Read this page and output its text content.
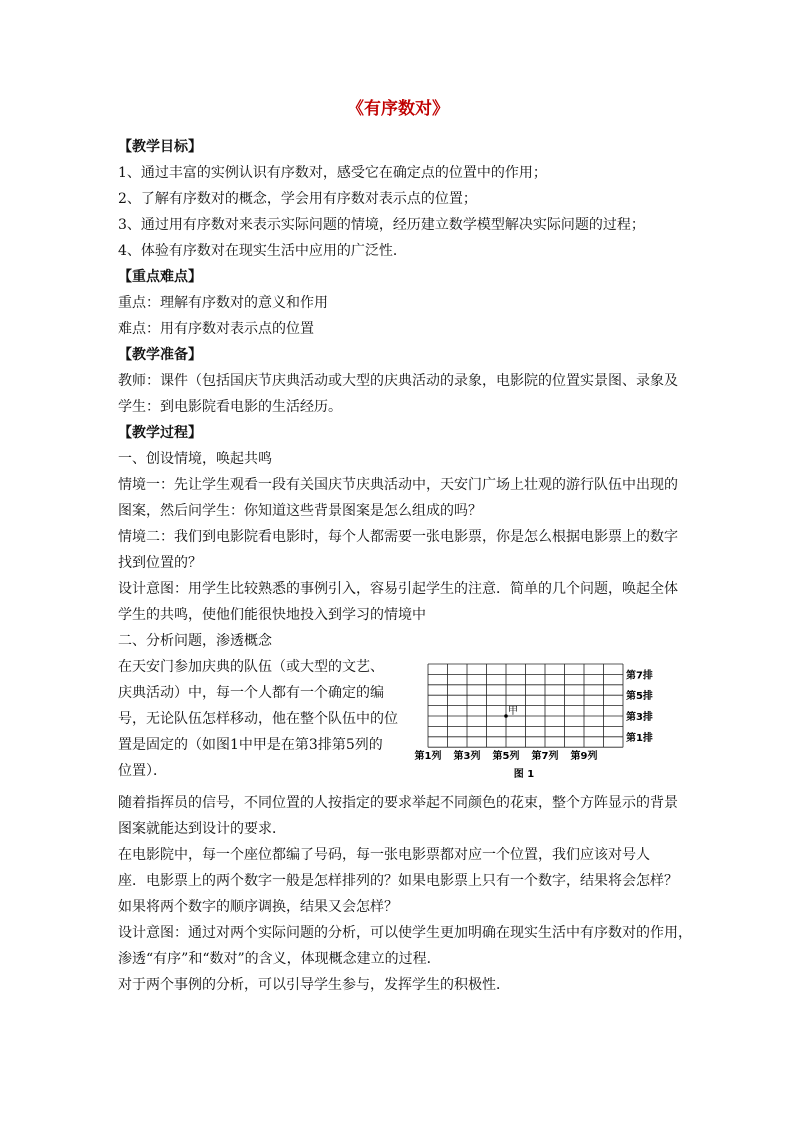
《有序数对》
【教学目标】
1、通过丰富的实例认识有序数对，感受它在确定点的位置中的作用；
2、了解有序数对的概念，学会用有序数对表示点的位置；
3、通过用有序数对来表示实际问题的情境，经历建立数学模型解决实际问题的过程；
4、体验有序数对在现实生活中应用的广泛性．
【重点难点】
重点：理解有序数对的意义和作用
难点：用有序数对表示点的位置
【教学准备】
教师：课件（包括国庆节庆典活动或大型的庆典活动的录象，电影院的位置实景图、录象及
学生：到电影院看电影的生活经历。
【教学过程】
一、创设情境，唤起共鸣
情境一：先让学生观看一段有关国庆节庆典活动中，天安门广场上壮观的游行队伍中出现的
图案，然后问学生：你知道这些背景图案是怎么组成的吗？
情境二：我们到电影院看电影时，每个人都需要一张电影票，你是怎么根据电影票上的数字
找到位置的？
设计意图：用学生比较熟悉的事例引入，容易引起学生的注意．简单的几个问题，唤起全体
学生的共鸣，使他们能很快地投入到学习的情境中
二、分析问题，渗透概念
在天安门参加庆典的队伍（或大型的文艺、
庆典活动）中，每一个人都有一个确定的编
号，无论队伍怎样移动，他在整个队伍中的位
置是固定的（如图1中甲是在第3排第5列的
位置）．
第7排
第5排
第3排
第1排
第1列 第3列 第5列 第7列 第9列
甲
图 1
随着指挥员的信号，不同位置的人按指定的要求举起不同颜色的花束，整个方阵显示的背景
图案就能达到设计的要求．
在电影院中，每一个座位都编了号码，每一张电影票都对应一个位置，我们应该对号人
座．电影票上的两个数字一般是怎样排列的？如果电影票上只有一个数字，结果将会怎样？
如果将两个数字的顺序调换，结果又会怎样？
设计意图：通过对两个实际问题的分析，可以使学生更加明确在现实生活中有序数对的作用，
渗透“有序”和“数对”的含义，体现概念建立的过程．
对于两个事例的分析，可以引导学生参与，发挥学生的积极性．
